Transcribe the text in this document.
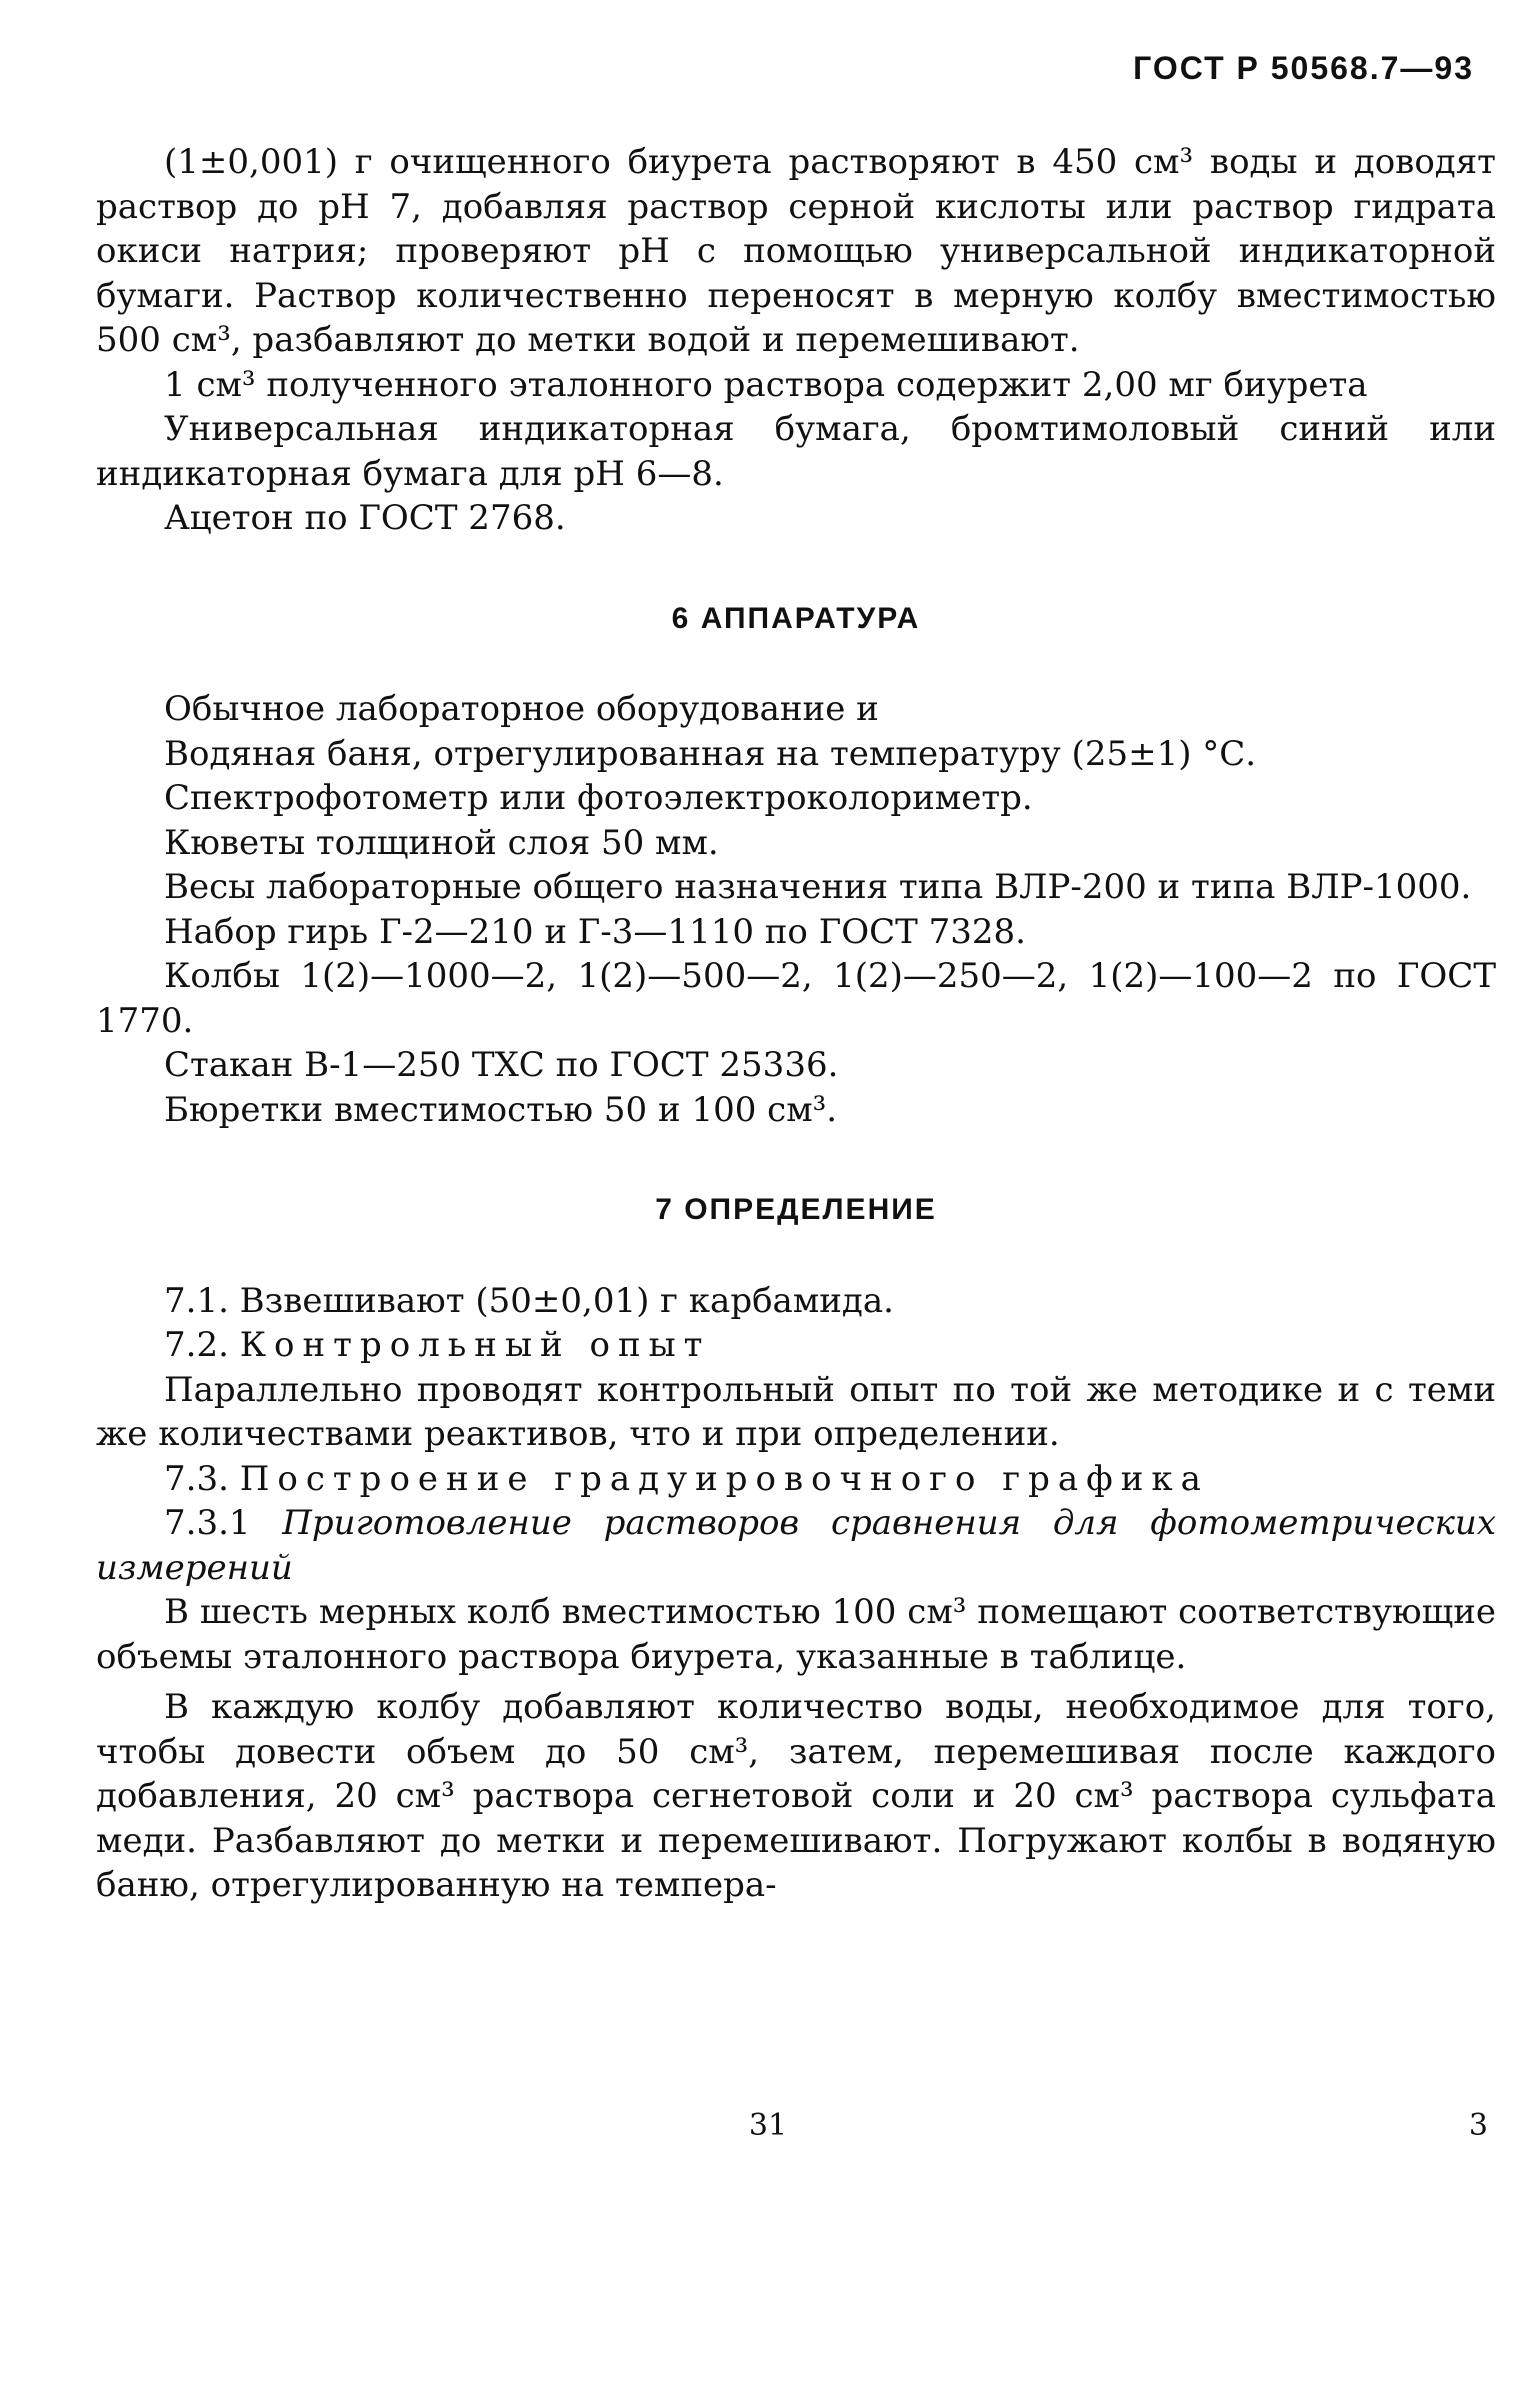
ГОСТ Р 50568.7—93

(1±0,001) г очищенного биурета растворяют в 450 см³ воды и доводят раствор до рН 7, добавляя раствор серной кислоты или раствор гидрата окиси натрия; проверяют рН с помощью универсальной индикаторной бумаги. Раствор количественно переносят в мерную колбу вместимостью 500 см³, разбавляют до метки водой и перемешивают.

1 см³ полученного эталонного раствора содержит 2,00 мг биурета

Универсальная индикаторная бумага, бромтимоловый синий или индикаторная бумага для рН 6—8.

Ацетон по ГОСТ 2768.

6 АППАРАТУРА

Обычное лабораторное оборудование и

Водяная баня, отрегулированная на температуру (25±1) °С.

Спектрофотометр или фотоэлектроколориметр.

Кюветы толщиной слоя 50 мм.

Весы лабораторные общего назначения типа ВЛР-200 и типа ВЛР-1000.

Набор гирь Г-2—210 и Г-3—1110 по ГОСТ 7328.

Колбы 1(2)—1000—2, 1(2)—500—2, 1(2)—250—2, 1(2)—100—2 по ГОСТ 1770.

Стакан В-1—250 ТХС по ГОСТ 25336.

Бюретки вместимостью 50 и 100 см³.

7 ОПРЕДЕЛЕНИЕ

7.1. Взвешивают (50±0,01) г карбамида.

7.2. Контрольный опыт

Параллельно проводят контрольный опыт по той же методике и с теми же количествами реактивов, что и при определении.

7.3. Построение градуировочного графика

7.3.1 Приготовление растворов сравнения для фотометрических измерений

В шесть мерных колб вместимостью 100 см³ помещают соответствующие объемы эталонного раствора биурета, указанные в таблице.

В каждую колбу добавляют количество воды, необходимое для того, чтобы довести объем до 50 см³, затем, перемешивая после каждого добавления, 20 см³ раствора сегнетовой соли и 20 см³ раствора сульфата меди. Разбавляют до метки и перемешивают. Погружают колбы в водяную баню, отрегулированную на темпера-

31	3
